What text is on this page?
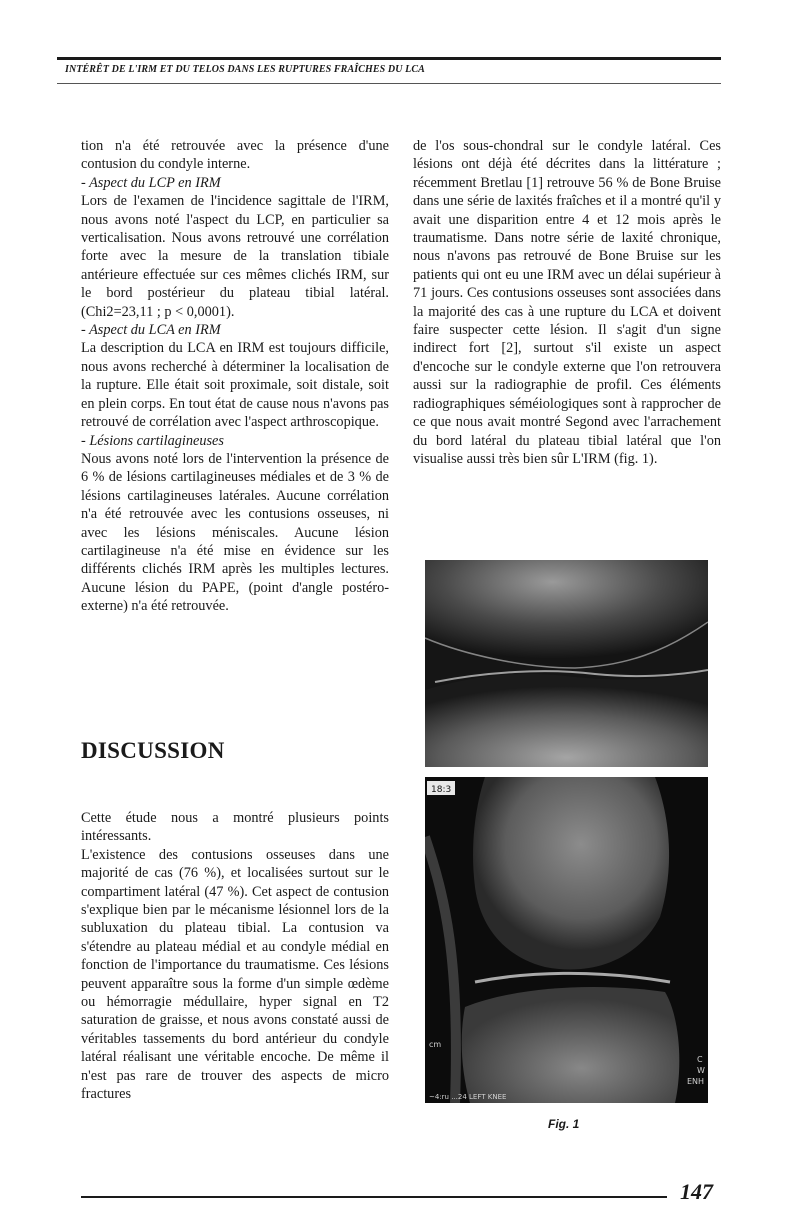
INTÉRÊT DE L'IRM ET DU TELOS DANS LES RUPTURES FRAÎCHES DU LCA

tion n'a été retrouvée avec la présence d'une contusion du condyle interne.

- Aspect du LCP en IRM

Lors de l'examen de l'incidence sagittale de l'IRM, nous avons noté l'aspect du LCP, en particulier sa verticalisation. Nous avons retrouvé une corrélation forte avec la mesure de la translation tibiale antérieure effectuée sur ces mêmes clichés IRM, sur le bord postérieur du plateau tibial latéral. (Chi2=23,11 ; p < 0,0001).

- Aspect du LCA en IRM

La description du LCA en IRM est toujours difficile, nous avons recherché à déterminer la localisation de la rupture. Elle était soit proximale, soit distale, soit en plein corps. En tout état de cause nous n'avons pas retrouvé de corrélation avec l'aspect arthroscopique.

- Lésions cartilagineuses

Nous avons noté lors de l'intervention la présence de 6 % de lésions cartilagineuses médiales et de 3 % de lésions cartilagineuses latérales. Aucune corrélation n'a été retrouvée avec les contusions osseuses, ni avec les lésions méniscales. Aucune lésion cartilagineuse n'a été mise en évidence sur les différents clichés IRM après les multiples lectures. Aucune lésion du PAPE, (point d'angle postéro-externe) n'a été retrouvée.

DISCUSSION

Cette étude nous a montré plusieurs points intéressants.

L'existence des contusions osseuses dans une majorité de cas (76 %), et localisées surtout sur le compartiment latéral (47 %). Cet aspect de contusion s'explique bien par le mécanisme lésionnel lors de la subluxation du plateau tibial. La contusion va s'étendre au plateau médial et au condyle médial en fonction de l'importance du traumatisme. Ces lésions peuvent apparaître sous la forme d'un simple œdème ou hémorragie médullaire, hyper signal en T2 saturation de graisse, et nous avons constaté aussi de véritables tassements du bord antérieur du condyle latéral réalisant une véritable encoche. De même il n'est pas rare de trouver des aspects de micro fractures

de l'os sous-chondral sur le condyle latéral. Ces lésions ont déjà été décrites dans la littérature ; récemment Bretlau [1] retrouve 56 % de Bone Bruise dans une série de laxités fraîches et il a montré qu'il y avait une disparition entre 4 et 12 mois après le traumatisme. Dans notre série de laxité chronique, nous n'avons pas retrouvé de Bone Bruise sur les patients qui ont eu une IRM avec un délai supérieur à 71 jours. Ces contusions osseuses sont associées dans la majorité des cas à une rupture du LCA et doivent faire suspecter cette lésion. Il s'agit d'un signe indirect fort [2], surtout s'il existe un aspect d'encoche sur le condyle externe que l'on retrouvera aussi sur la radiographie de profil. Ces éléments radiographiques séméiologiques sont à rapprocher de ce que nous avait montré Segond avec l'arrachement du bord latéral du plateau tibial latéral que l'on visualise aussi très bien sûr L'IRM (fig. 1).

18:3
cm
C
W
ENH
~4:ru ...24 LEFT KNEE
Fig. 1
147
